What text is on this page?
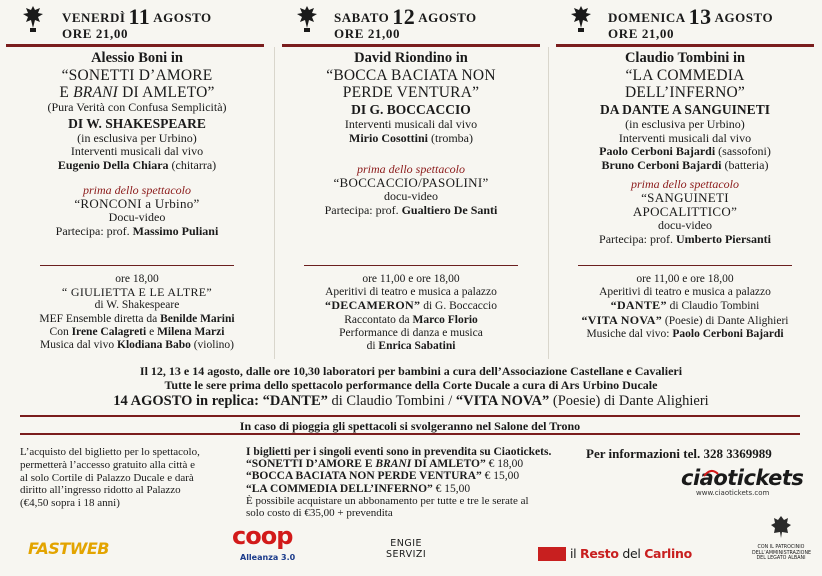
VENERDÌ 11 AGOSTO
ORE 21,00

Alessio Boni in

“SONETTI D’AMORE

E BRANI DI AMLETO”

(Pura Verità con Confusa Semplicità)

DI W. SHAKESPEARE

(in esclusiva per Urbino)

Interventi musicali dal vivo

Eugenio Della Chiara (chitarra)

prima dello spettacolo

“RONCONI a Urbino”

Docu-video

Partecipa: prof. Massimo Puliani

ore 18,00

“ GIULIETTA E LE ALTRE”

di W. Shakespeare

MEF Ensemble diretta da Benilde Marini

Con Irene Calagreti e Milena Marzi

Musica dal vivo Klodiana Babo (violino)

SABATO 12 AGOSTO
ORE 21,00

David Riondino in

“BOCCA BACIATA NON

PERDE VENTURA”

DI G. BOCCACCIO

Interventi musicali dal vivo

Mirio Cosottini (tromba)

prima dello spettacolo

“BOCCACCIO/PASOLINI”

docu-video

Partecipa: prof. Gualtiero De Santi

ore 11,00 e ore 18,00

Aperitivi di teatro e musica a palazzo

“DECAMERON” di G. Boccaccio

Raccontato da Marco Florio

Performance di danza e musica

di Enrica Sabatini

DOMENICA 13 AGOSTO
ORE 21,00

Claudio Tombini in

“LA COMMEDIA

DELL’INFERNO”

DA DANTE A SANGUINETI

(in esclusiva per Urbino)

Interventi musicali dal vivo

Paolo Cerboni Bajardi (sassofoni)

Bruno Cerboni Bajardi (batteria)

prima dello spettacolo

“SANGUINETI

APOCALITTICO”

docu-video

Partecipa: prof. Umberto Piersanti

ore 11,00 e ore 18,00

Aperitivi di teatro e musica a palazzo

“DANTE” di Claudio Tombini

“VITA NOVA” (Poesie) di Dante Alighieri

Musiche dal vivo: Paolo Cerboni Bajardi

Il 12, 13 e 14 agosto, dalle ore 10,30 laboratori per bambini a cura dell’Associazione Castellane e Cavalieri

Tutte le sere prima dello spettacolo performance della Corte Ducale a cura di Ars Urbino Ducale

14 AGOSTO in replica: “DANTE” di Claudio Tombini / “VITA NOVA” (Poesie) di Dante Alighieri

In caso di pioggia gli spettacoli si svolgeranno nel Salone del Trono

L’acquisto del biglietto per lo spettacolo,

permetterà l’accesso gratuito alla città e

al solo Cortile di Palazzo Ducale e darà

diritto all’ingresso ridotto al Palazzo

(€4,50 sopra i 18 anni)

I biglietti per i singoli eventi sono in prevendita su Ciaotickets.

“SONETTI D’AMORE E BRANI DI AMLETO” € 18,00

“BOCCA BACIATA NON PERDE VENTURA” € 15,00

“LA COMMEDIA DELL’INFERNO” € 15,00

È possibile acquistare un abbonamento per tutte e tre le serate al

solo costo di €35,00 + prevendita

Per informazioni tel. 328 3369989
ciaotickets
www.ciaotickets.com
FASTWEB	coop
Alleanza 3.0
ENGIE
SERVIZI	il Resto del Carlino	CON IL PATROCINIO DELL’AMMINISTRAZIONE DEL LEGATO ALBANI
